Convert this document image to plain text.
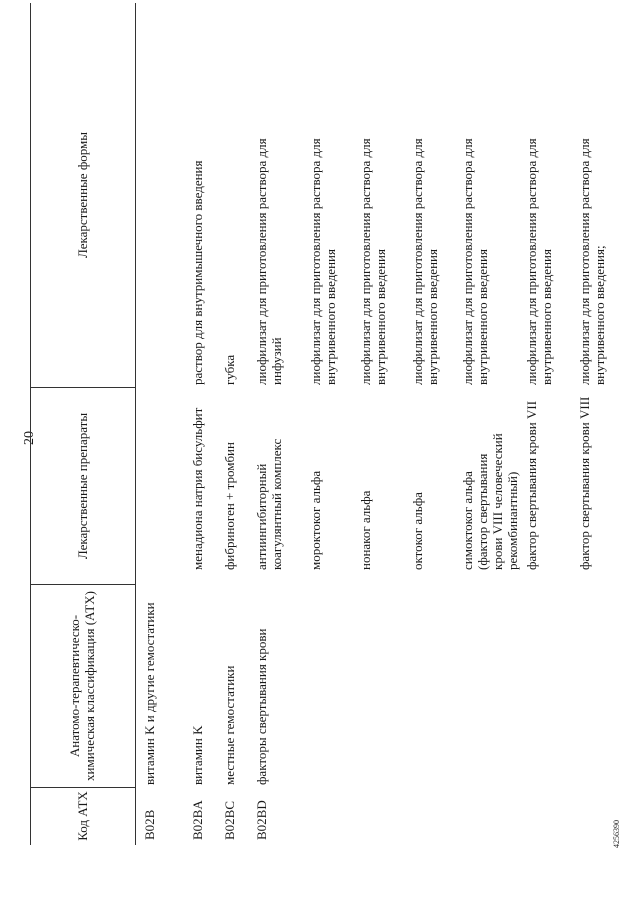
20
Код АТХ
Анатомо-терапевтическо-химическая классификация (АТХ)
Лекарственные препараты
Лекарственные формы
B02B
витамин K и другие гемостатики
B02BA
витамин K
менадиона натрия бисульфит
раствор для внутримышечного введения
B02BC
местные гемостатики
фибриноген + тромбин
губка
B02BD
факторы свертывания крови
антиингибиторный коагулянтный комплекс
лиофилизат для приготовления раствора для инфузий
мороктоког альфа
лиофилизат для приготовления раствора для внутривенного введения
нонаког альфа
лиофилизат для приготовления раствора для внутривенного введения
октоког альфа
лиофилизат для приготовления раствора для внутривенного введения
симоктоког альфа (фактор свертывания крови VIII человеческий рекомбинантный)
лиофилизат для приготовления раствора для внутривенного введения
фактор свертывания крови VII
лиофилизат для приготовления раствора для внутривенного введения
фактор свертывания крови VIII
лиофилизат для приготовления раствора для внутривенного введения;
4256390
